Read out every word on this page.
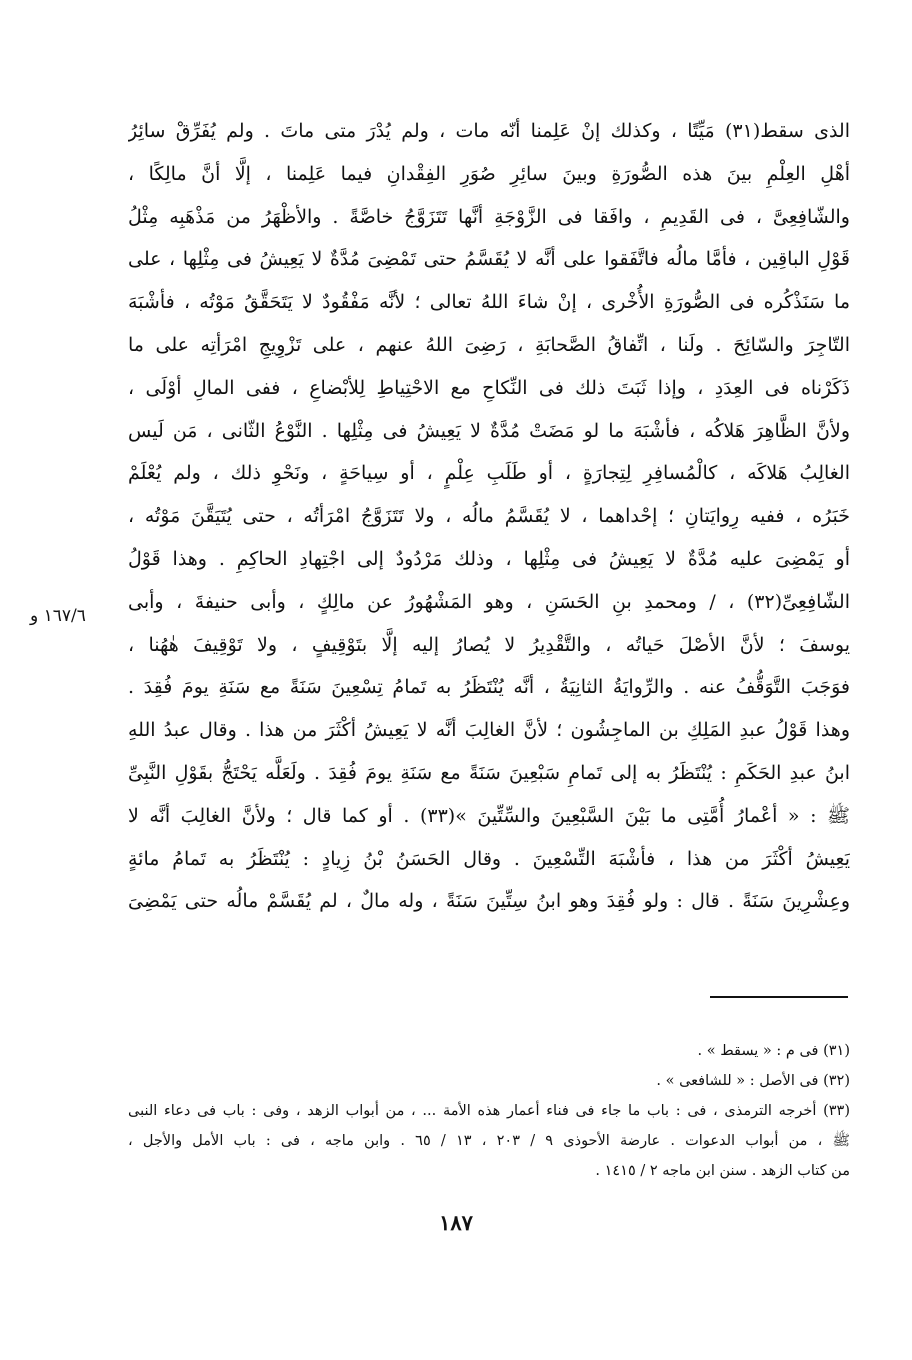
الذى سقط(٣١) مَيِّتًا ، وكذلك إنْ عَلِمنا أنّه مات ، ولم يُدْرَ متى ماتَ . ولم يُفَرِّقْ سائِرُ
أهْلِ العِلْمِ بينَ هذه الصُّورَةِ وبينَ سائِرِ صُوَرِ الفِقْدانِ فيما عَلِمنا ، إلَّا أنَّ مالِكًا ،
والشّافِعِىَّ ، فى القَدِيمِ ، وافَقا فى الزَّوْجَةِ أنَّها تَتَزَوَّجُ خاصَّةً . والأظْهَرُ من مَذْهَبِه مِثْلُ
قَوْلِ الباقِين ، فأمَّا مالُه فاتَّفَقوا على أنَّه لا يُقَسَّمُ حتى تَمْضِىَ مُدَّةٌ لا يَعِيشُ فى مِثْلِها ، على
ما سَنَذْكُره فى الصُّورَةِ الأُخْرى ، إنْ شاءَ اللهُ تعالى ؛ لأنَّه مَفْقُودٌ لا يَتَحَقَّقُ مَوْتُه ، فأشْبَهَ
التّاجِرَ والسّائِحَ . ولَنا ، اتِّفاقُ الصَّحابَةِ ، رَضِىَ اللهُ عنهم ، على تَزْوِيجِ امْرَأتِه على ما
ذَكَرْناه فى العِدَدِ ، وإذا ثَبَتَ ذلك فى النِّكاحِ مع الاحْتِياطِ لِلأبْضاعِ ، ففى المالِ أوْلَى ،
ولأنَّ الظَّاهِرَ هَلاكُه ، فأشْبَهَ ما لو مَضَتْ مُدَّةٌ لا يَعِيشُ فى مِثْلِها . النَّوْعُ الثّانى ، مَن لَيس
الغالِبُ هَلاكَه ، كالْمُسافِرِ لِتِجارَةٍ ، أو طَلَبِ عِلْمٍ ، أو سِياحَةٍ ، ونَحْوِ ذلك ، ولم يُعْلَمْ
خَبَرُه ، ففيه رِوايَتانِ ؛ إحْداهما ، لا يُقَسَّمُ مالُه ، ولا تَتَزَوَّجُ امْرَأتُه ، حتى يُتَيَقَّنَ مَوْتُه ،
أو يَمْضِىَ عليه مُدَّةٌ لا يَعِيشُ فى مِثْلِها ، وذلك مَرْدُودٌ إلى اجْتِهادِ الحاكِمِ . وهذا قَوْلُ
الشّافِعِىِّ(٣٢) ، / ومحمدِ بنِ الحَسَنِ ، وهو المَشْهُورُ عن مالِكٍ ، وأبى حنيفةَ ، وأبى
يوسفَ ؛ لأنَّ الأصْلَ حَياتُه ، والتَّقْدِيرُ لا يُصارُ إليه إلَّا بتَوْقِيفٍ ، ولا تَوْقِيفَ هٰهُنا ،
فوَجَبَ التَّوَقُّفُ عنه . والرِّوايَةُ الثانِيَةُ ، أنَّه يُنْتَظَرُ به تَمامُ تِسْعِينَ سَنَةً مع سَنَةِ يومَ فُقِدَ .
وهذا قَوْلُ عبدِ المَلِكِ بن الماجِشُون ؛ لأنَّ الغالِبَ أنَّه لا يَعِيشُ أكْثَرَ من هذا . وقال عبدُ اللهِ
ابنُ عبدِ الحَكَمِ : يُنْتَظَرُ به إلى تَمامِ سَبْعِينَ سَنَةً مع سَنَةِ يومَ فُقِدَ . ولَعَلَّه يَحْتَجُّ بقَوْلِ النَّبِىِّ
ﷺ : « أعْمارُ أُمَّتِى ما بَيْنَ السَّبْعِينَ والسِّتِّينَ »(٣٣) . أو كما قال ؛ ولأنَّ الغالِبَ أنَّه لا
يَعِيشُ أكْثَرَ من هذا ، فأشْبَهَ التِّسْعِينَ . وقال الحَسَنُ بْنُ زِيادٍ : يُنْتَظَرُ به تَمامُ مائةٍ
وعِشْرِينَ سَنَةً . قال : ولو فُقِدَ وهو ابنُ سِتِّينَ سَنَةً ، وله مالٌ ، لم يُقَسَّمْ مالُه حتى يَمْضِىَ
١٦٧/٦ و
(٣١) فى م : « يسقط » .
(٣٢) فى الأصل : « للشافعى » .
(٣٣) أخرجه الترمذى ، فى : باب ما جاء فى فناء أعمار هذه الأمة ... ، من أبواب الزهد ، وفى : باب فى دعاء النبى
ﷺ ، من أبواب الدعوات . عارضة الأحوذى ٩ / ٢٠٣ ، ١٣ / ٦٥ . وابن ماجه ، فى : باب الأمل والأجل ،
من كتاب الزهد . سنن ابن ماجه ٢ / ١٤١٥ .
١٨٧
